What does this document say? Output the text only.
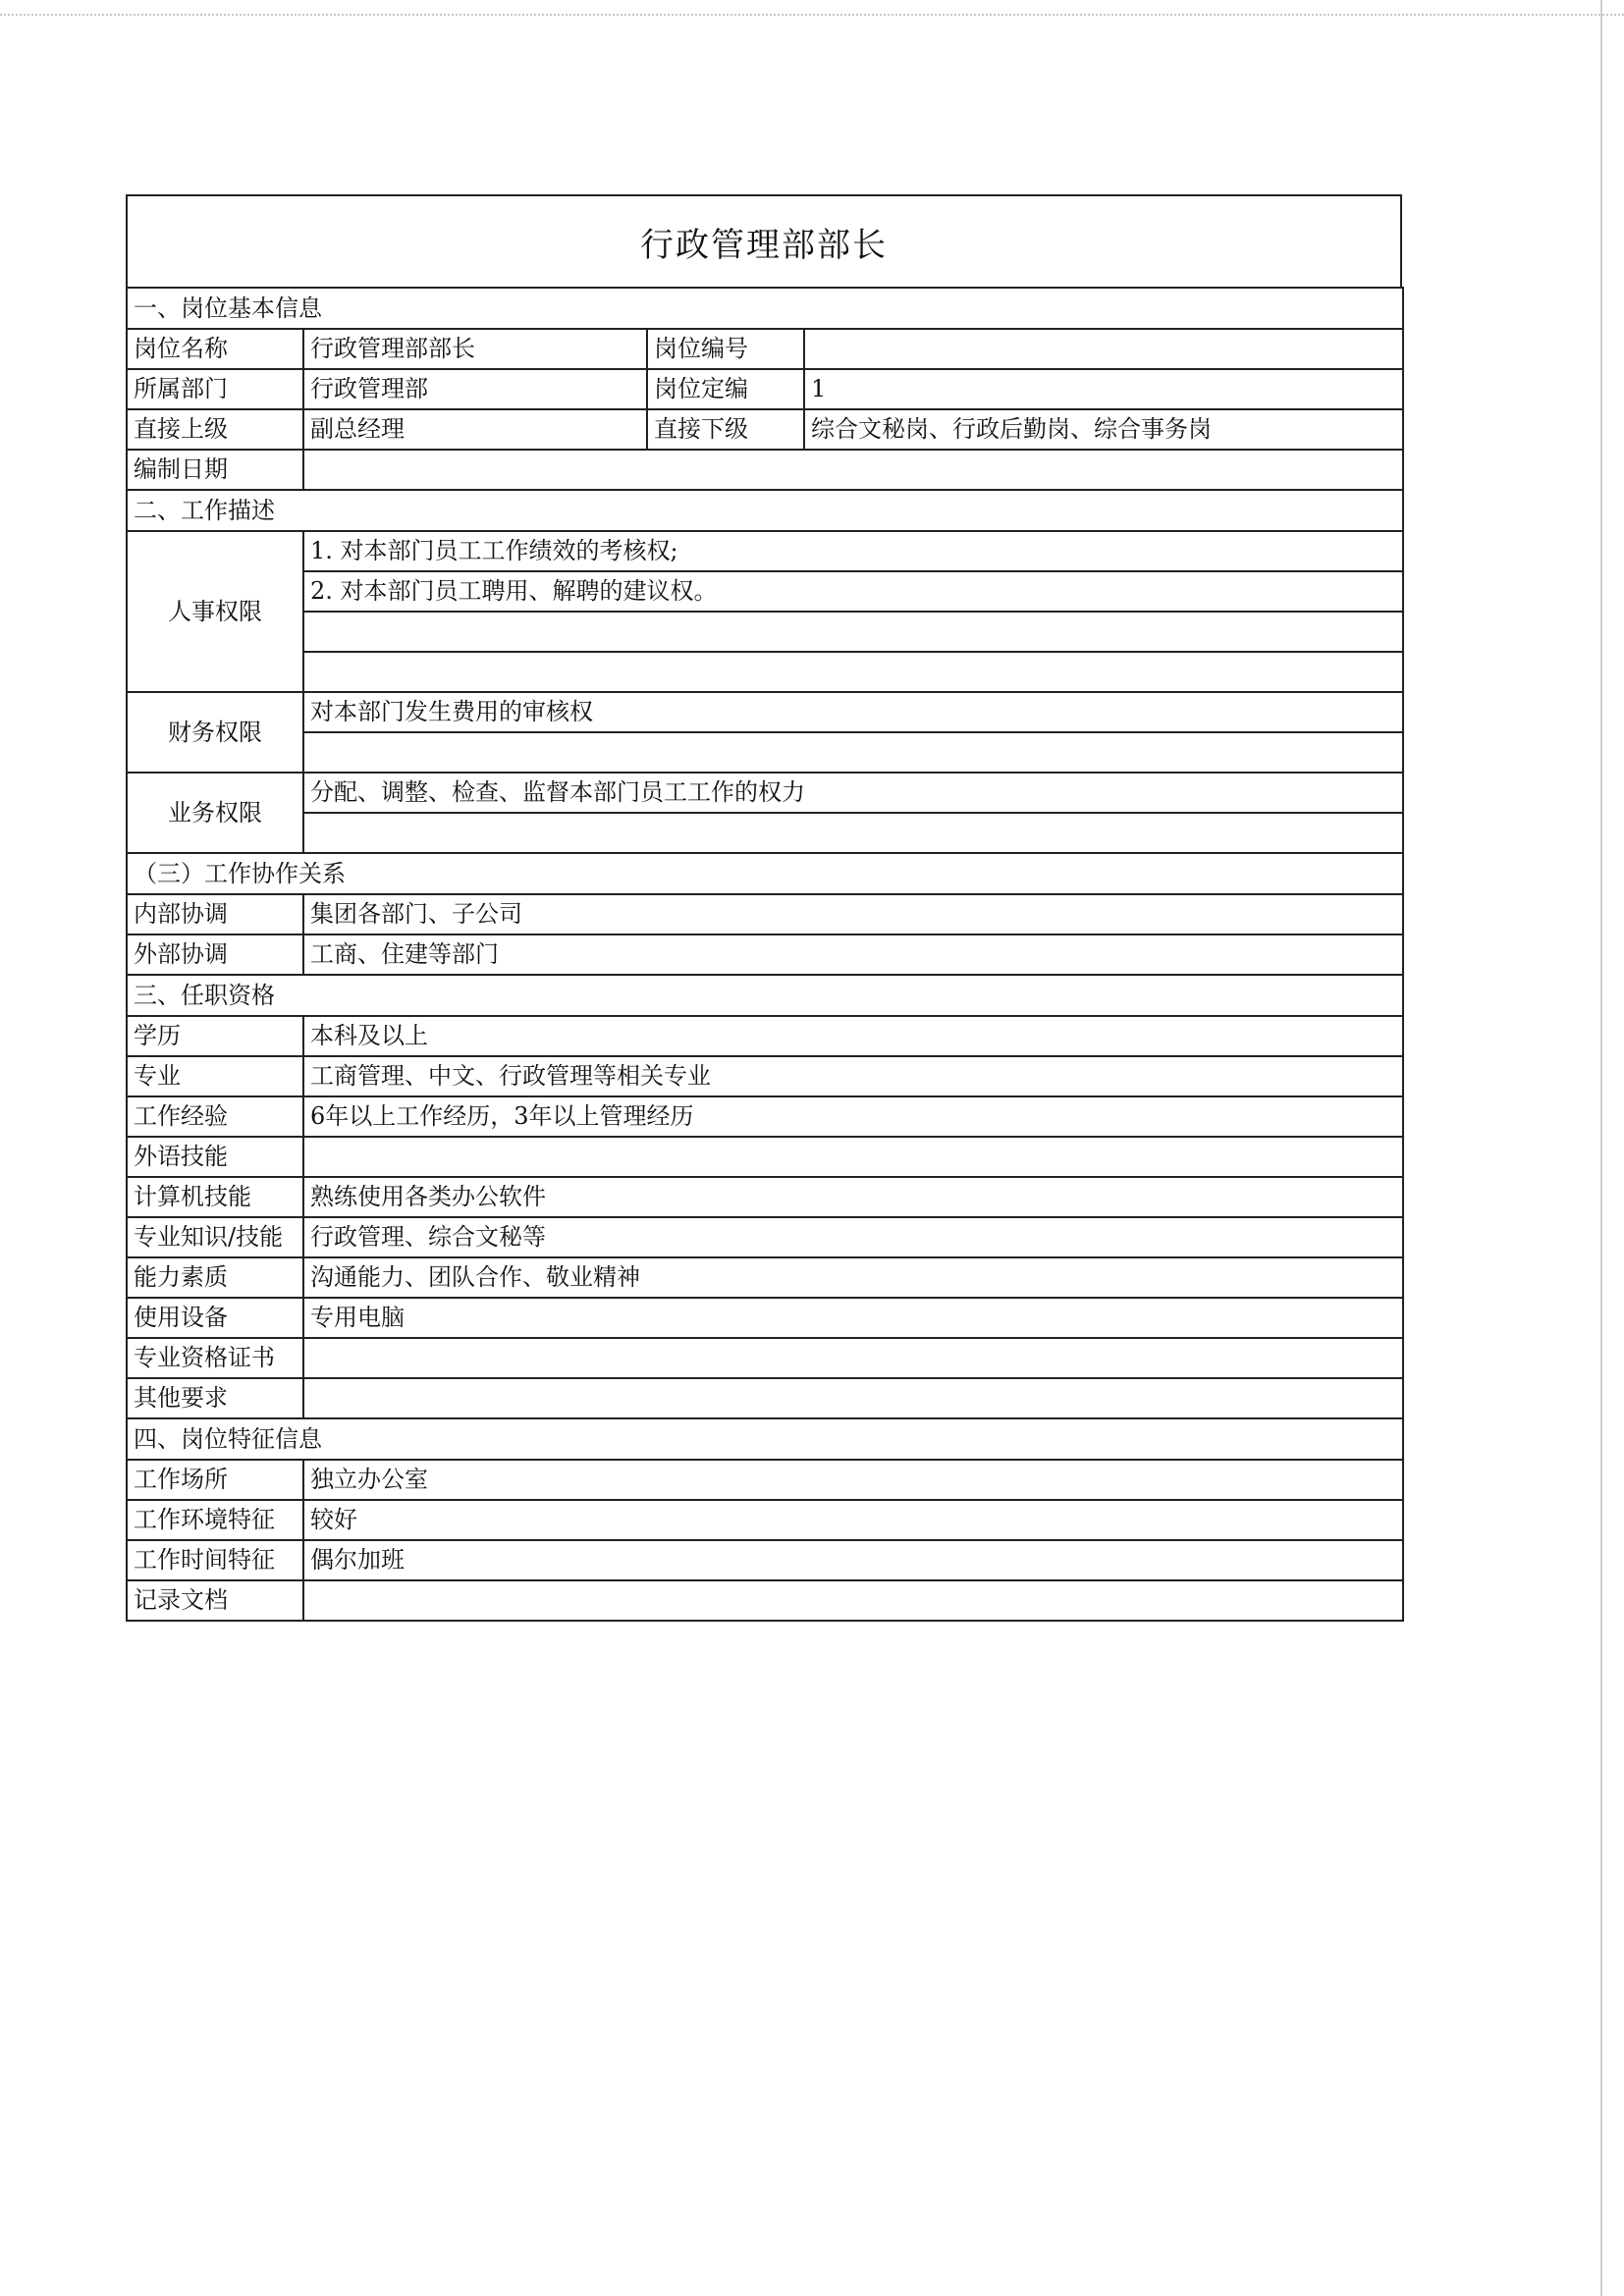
行政管理部部长
一、岗位基本信息			
岗位名称	行政管理部部长	岗位编号	
所属部门	行政管理部	岗位定编	1
直接上级	副总经理	直接下级	综合文秘岗、行政后勤岗、综合事务岗
编制日期			
二、工作描述			
人事权限	1. 对本部门员工工作绩效的考核权;		
	2. 对本部门员工聘用、解聘的建议权。		

财务权限	对本部门发生费用的审核权		

业务权限	分配、调整、检查、监督本部门员工工作的权力		

（三）工作协作关系			
内部协调	集团各部门、子公司		
外部协调	工商、住建等部门		
三、任职资格			
学历	本科及以上		
专业	工商管理、中文、行政管理等相关专业		
工作经验	6年以上工作经历，3年以上管理经历		
外语技能			
计算机技能	熟练使用各类办公软件		
专业知识/技能	行政管理、综合文秘等		
能力素质	沟通能力、团队合作、敬业精神		
使用设备	专用电脑		
专业资格证书			
其他要求			
四、岗位特征信息			
工作场所	独立办公室		
工作环境特征	较好		
工作时间特征	偶尔加班		
记录文档			
